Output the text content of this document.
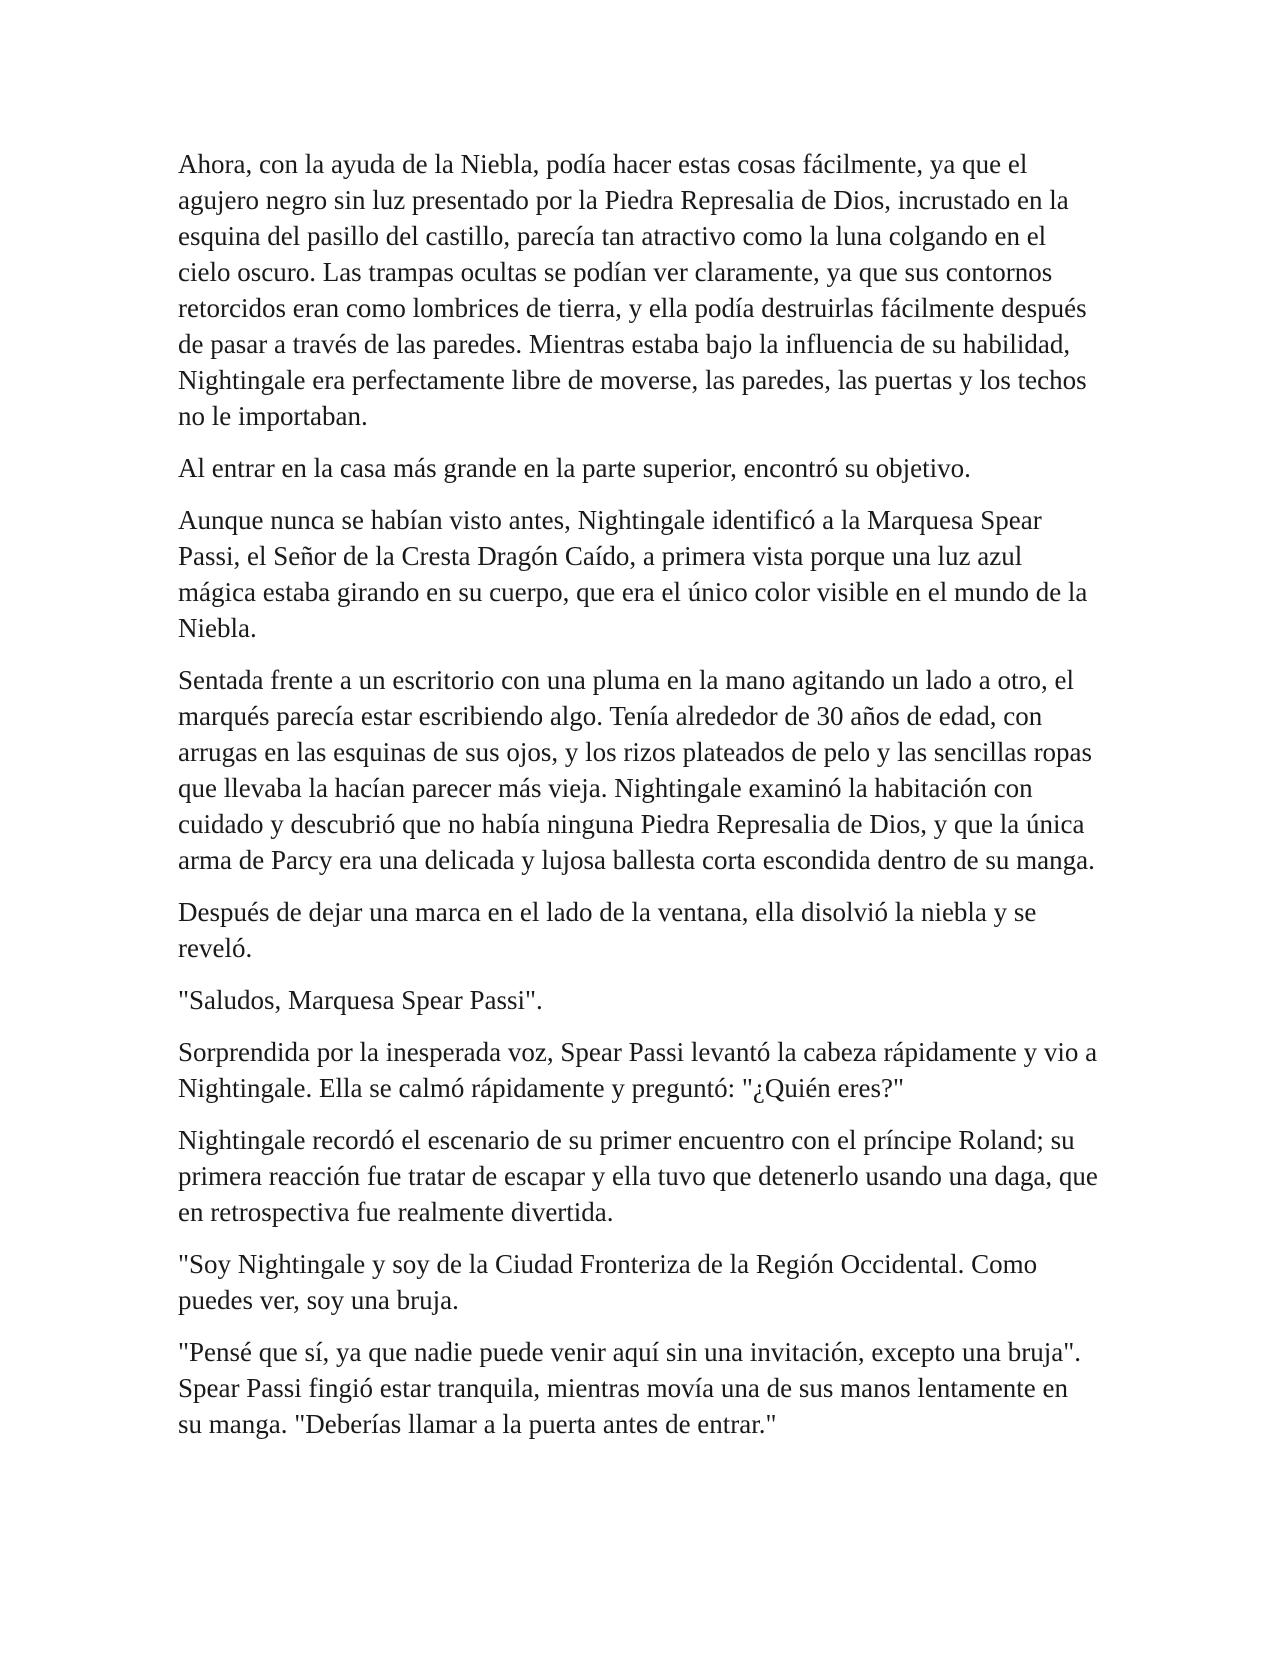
Ahora, con la ayuda de la Niebla, podía hacer estas cosas fácilmente, ya que el agujero negro sin luz presentado por la Piedra Represalia de Dios, incrustado en la esquina del pasillo del castillo, parecía tan atractivo como la luna colgando en el cielo oscuro. Las trampas ocultas se podían ver claramente, ya que sus contornos retorcidos eran como lombrices de tierra, y ella podía destruirlas fácilmente después de pasar a través de las paredes. Mientras estaba bajo la influencia de su habilidad, Nightingale era perfectamente libre de moverse, las paredes, las puertas y los techos no le importaban.

Al entrar en la casa más grande en la parte superior, encontró su objetivo.

Aunque nunca se habían visto antes, Nightingale identificó a la Marquesa Spear Passi, el Señor de la Cresta Dragón Caído, a primera vista porque una luz azul mágica estaba girando en su cuerpo, que era el único color visible en el mundo de la Niebla.

Sentada frente a un escritorio con una pluma en la mano agitando un lado a otro, el marqués parecía estar escribiendo algo. Tenía alrededor de 30 años de edad, con arrugas en las esquinas de sus ojos, y los rizos plateados de pelo y las sencillas ropas que llevaba la hacían parecer más vieja. Nightingale examinó la habitación con cuidado y descubrió que no había ninguna Piedra Represalia de Dios, y que la única arma de Parcy era una delicada y lujosa ballesta corta escondida dentro de su manga.

Después de dejar una marca en el lado de la ventana, ella disolvió la niebla y se reveló.

"Saludos, Marquesa Spear Passi".

Sorprendida por la inesperada voz, Spear Passi levantó la cabeza rápidamente y vio a Nightingale. Ella se calmó rápidamente y preguntó: "¿Quién eres?"

Nightingale recordó el escenario de su primer encuentro con el príncipe Roland; su primera reacción fue tratar de escapar y ella tuvo que detenerlo usando una daga, que en retrospectiva fue realmente divertida.

"Soy Nightingale y soy de la Ciudad Fronteriza de la Región Occidental. Como puedes ver, soy una bruja.

"Pensé que sí, ya que nadie puede venir aquí sin una invitación, excepto una bruja". Spear Passi fingió estar tranquila, mientras movía una de sus manos lentamente en su manga. "Deberías llamar a la puerta antes de entrar."
